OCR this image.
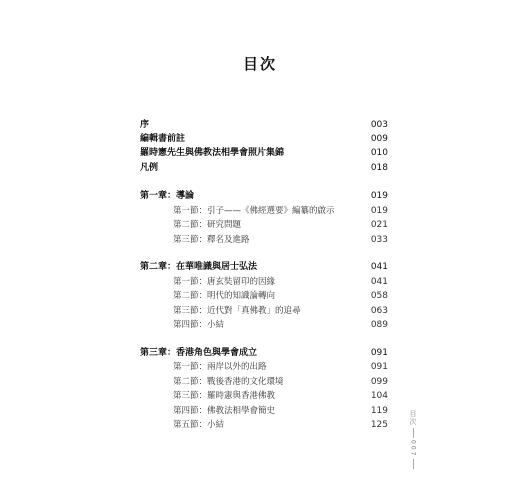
目次
序	003
編輯書前註	009
羅時憲先生與佛教法相學會照片集錦	010
凡例	018
第一章：導論	019
第一節：引子——《佛經選要》編纂的啟示	019
第二節：研究問題	021
第三節：釋名及進路	033
第二章：在華唯識與居士弘法	041
第一節：唐玄奘留印的因緣	041
第二節：明代的知識論轉向	058
第三節：近代對「真佛教」的追尋	063
第四節：小結	089
第三章：香港角色與學會成立	091
第一節：兩岸以外的出路	091
第二節：戰後香港的文化環境	099
第三節：羅時憲與香港佛教	104
第四節：佛教法相學會簡史	119
第五節：小結	125	目次
007
